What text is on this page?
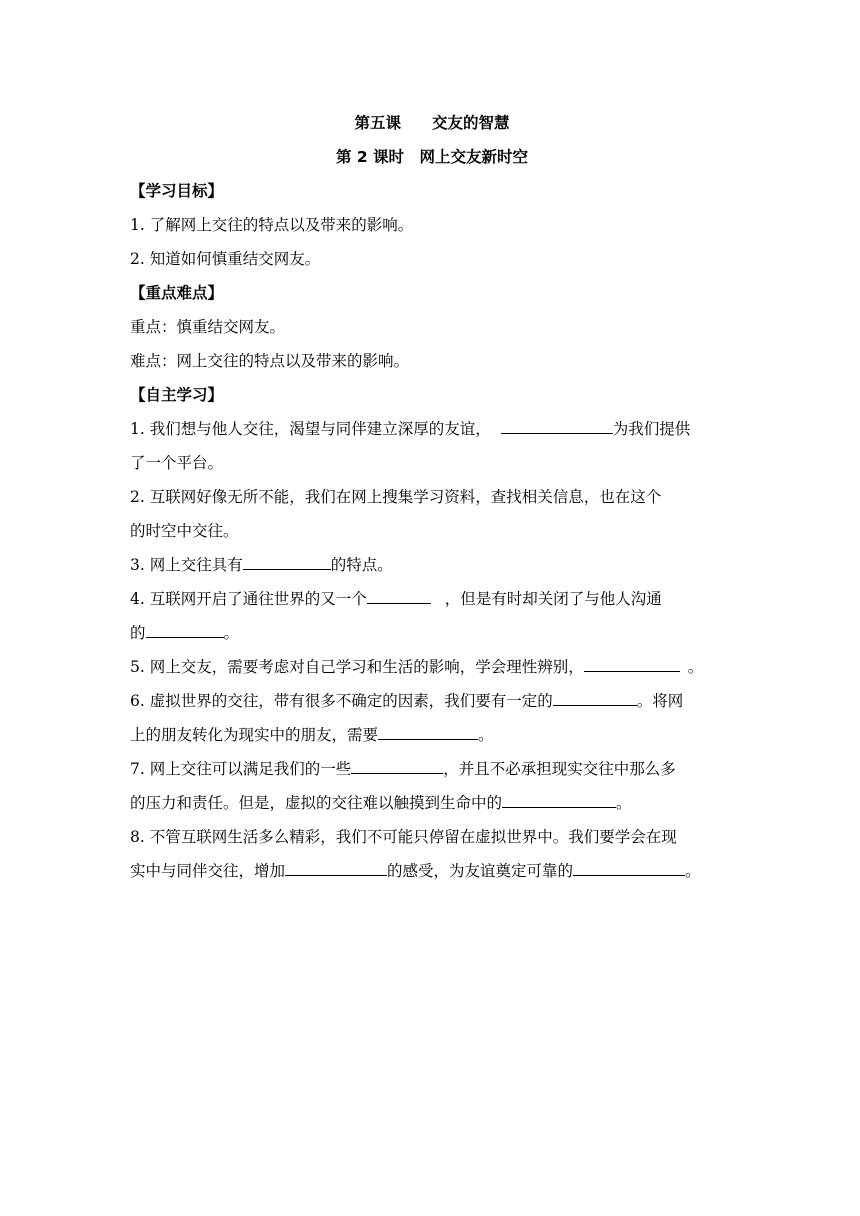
第五课　　交友的智慧
第 2 课时　网上交友新时空
【学习目标】
1. 了解网上交往的特点以及带来的影响。
2. 知道如何慎重结交网友。
【重点难点】
重点：慎重结交网友。
难点：网上交往的特点以及带来的影响。
【自主学习】
1. 我们想与他人交往，渴望与同伴建立深厚的友谊，	为我们提供
了一个平台。
2. 互联网好像无所不能，我们在网上搜集学习资料，查找相关信息，也在这个
的时空中交往。
3. 网上交往具有	的特点。
4. 互联网开启了通往世界的又一个	，但是有时却关闭了与他人沟通
的	。
5. 网上交友，需要考虑对自己学习和生活的影响，学会理性辨别，	。
6. 虚拟世界的交往，带有很多不确定的因素，我们要有一定的	。将网
上的朋友转化为现实中的朋友，需要	。
7. 网上交往可以满足我们的一些	，并且不必承担现实交往中那么多
的压力和责任。但是，虚拟的交往难以触摸到生命中的	。
8. 不管互联网生活多么精彩，我们不可能只停留在虚拟世界中。我们要学会在现
实中与同伴交往，增加	的感受，为友谊奠定可靠的	。
